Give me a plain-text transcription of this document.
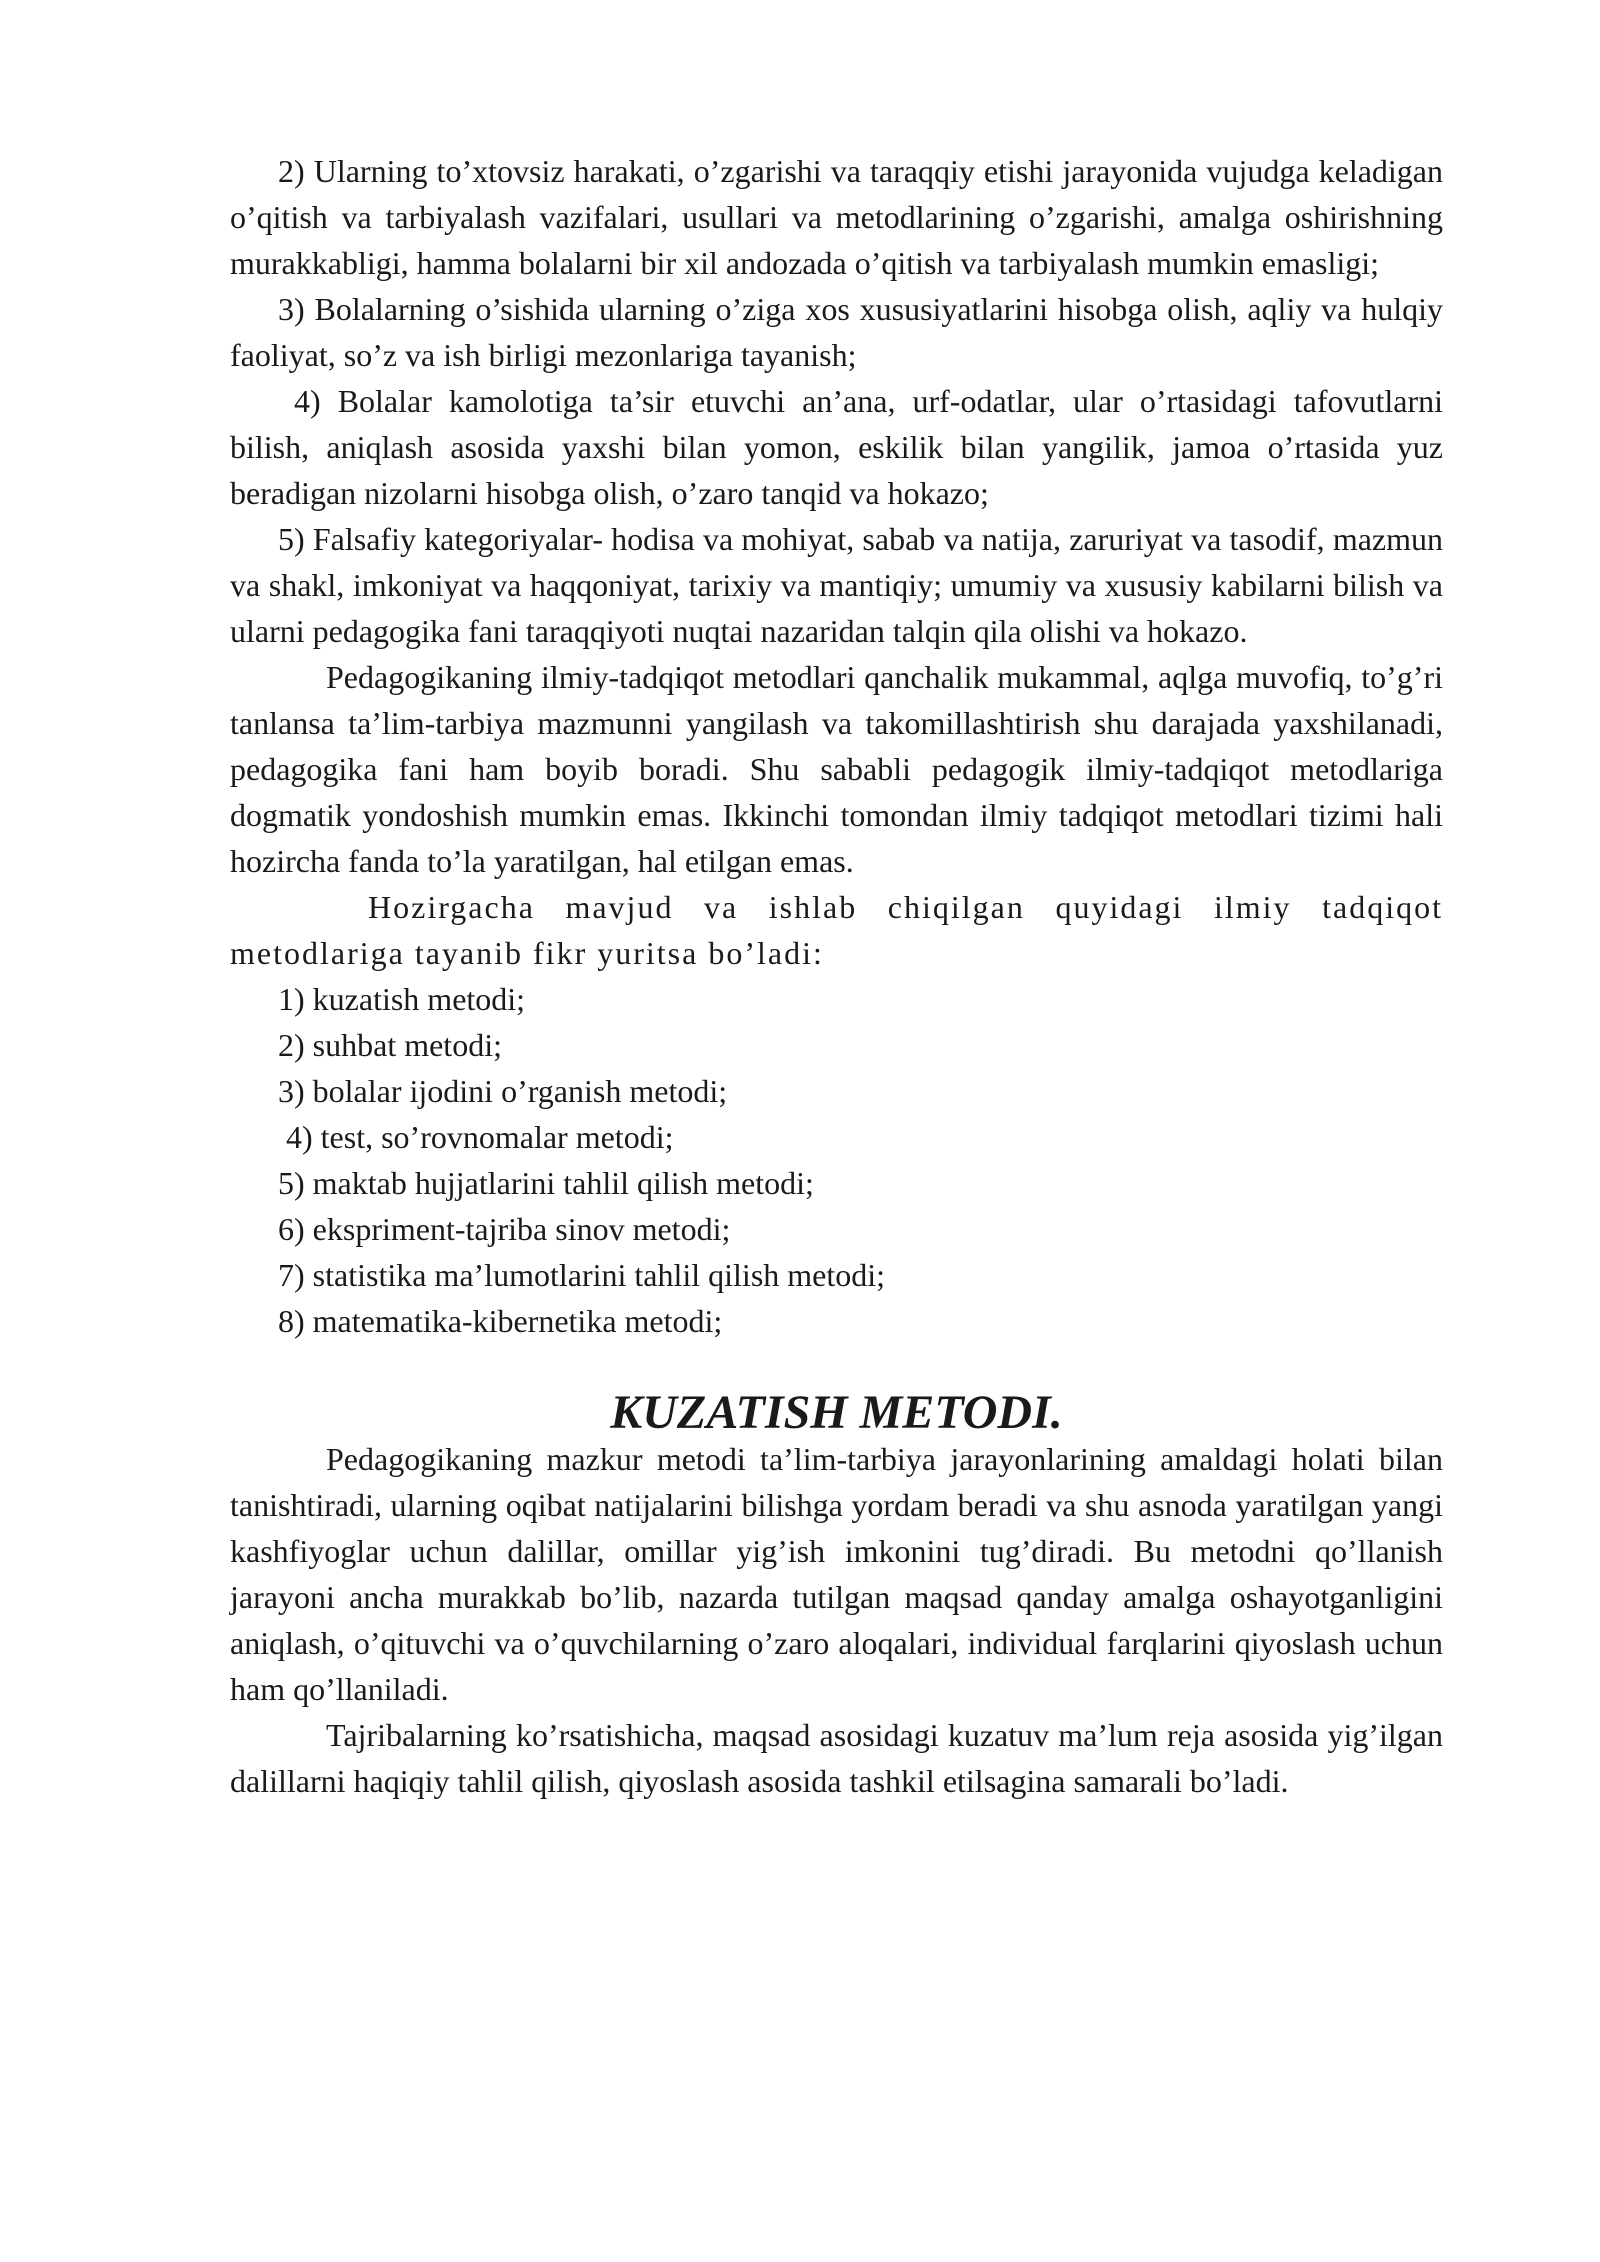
2) Ularning to’xtovsiz harakati, o’zgarishi va taraqqiy etishi jarayonida vujudga keladigan o’qitish va tarbiyalash vazifalari, usullari va metodlarining o’zgarishi, amalga oshirishning murakkabligi, hamma bolalarni bir xil andozada o’qitish va tarbiyalash mumkin emasligi;

3) Bolalarning o’sishida ularning o’ziga xos xususiyatlarini hisobga olish, aqliy va hulqiy faoliyat, so’z va ish birligi mezonlariga tayanish;

4) Bolalar kamolotiga ta’sir etuvchi an’ana, urf-odatlar, ular o’rtasidagi tafovutlarni bilish, aniqlash asosida yaxshi bilan yomon, eskilik bilan yangilik, jamoa o’rtasida yuz beradigan nizolarni hisobga olish, o’zaro tanqid va hokazo;

5) Falsafiy kategoriyalar- hodisa va mohiyat, sabab va natija, zaruriyat va tasodif, mazmun va shakl, imkoniyat va haqqoniyat, tarixiy va mantiqiy; umumiy va xususiy kabilarni bilish va ularni pedagogika fani taraqqiyoti nuqtai nazaridan talqin qila olishi va hokazo.

Pedagogikaning ilmiy-tadqiqot metodlari qanchalik mukammal, aqlga muvofiq, to’g’ri tanlansa ta’lim-tarbiya mazmunni yangilash va takomillashtirish shu darajada yaxshilanadi, pedagogika fani ham boyib boradi. Shu sababli pedagogik ilmiy-tadqiqot metodlariga dogmatik yondoshish mumkin emas. Ikkinchi tomondan ilmiy tadqiqot metodlari tizimi hali hozircha fanda to’la yaratilgan, hal etilgan emas.

Hozirgacha mavjud va ishlab chiqilgan quyidagi ilmiy tadqiqot metodlariga tayanib fikr yuritsa bo’ladi:

1) kuzatish metodi;
2) suhbat metodi;
3) bolalar ijodini o’rganish metodi;
4) test, so’rovnomalar metodi;
5) maktab hujjatlarini tahlil qilish metodi;
6) ekspriment-tajriba sinov metodi;
7) statistika ma’lumotlarini tahlil qilish metodi;
8) matematika-kibernetika metodi;
KUZATISH METODI.

Pedagogikaning mazkur metodi ta’lim-tarbiya jarayonlarining amaldagi holati bilan tanishtiradi, ularning oqibat natijalarini bilishga yordam beradi va shu asnoda yaratilgan yangi kashfiyoglar uchun dalillar, omillar yig’ish imkonini tug’diradi. Bu metodni qo’llanish jarayoni ancha murakkab bo’lib, nazarda tutilgan maqsad qanday amalga oshayotganligini aniqlash, o’qituvchi va o’quvchilarning o’zaro aloqalari, individual farqlarini qiyoslash uchun ham qo’llaniladi.

Tajribalarning ko’rsatishicha, maqsad asosidagi kuzatuv ma’lum reja asosida yig’ilgan dalillarni haqiqiy tahlil qilish, qiyoslash asosida tashkil etilsagina samarali bo’ladi.
